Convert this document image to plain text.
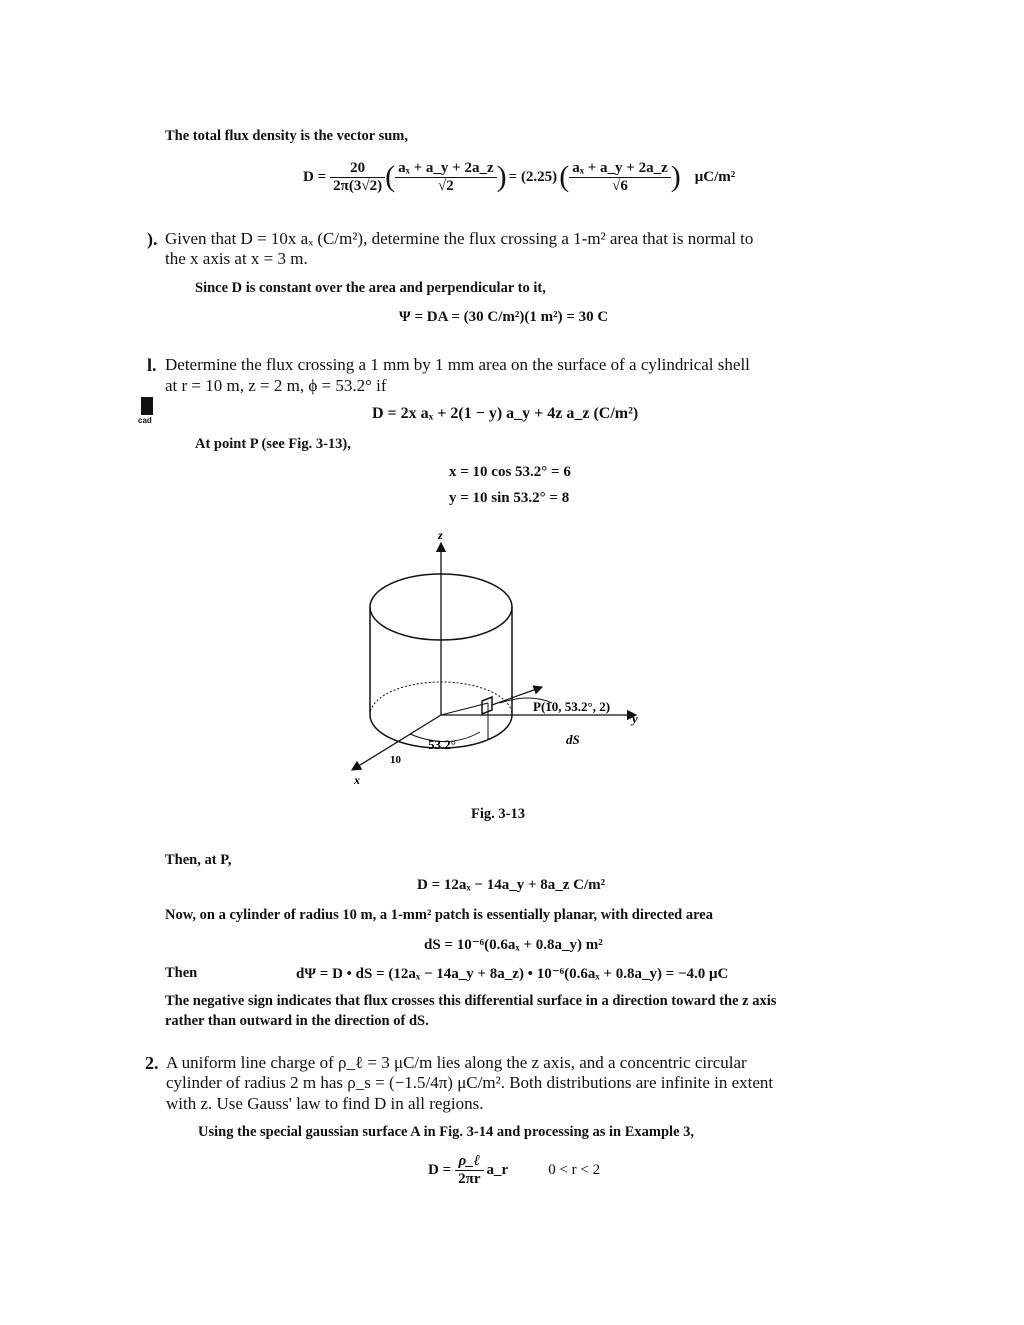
The total flux density is the vector sum,
$D = \frac{20}{2\pi(3√2)}$ ( $\frac{\text{aₓ + a\_y + 2a\_z}}{√2}$ ) = (2.25) ( $\frac{\text{aₓ + a\_y + 2a\_z}}{√6}$ ) μC/m²
). Given that D = 10x aₓ (C/m²), determine the flux crossing a 1-m² area that is normal to
the x axis at x = 3 m.
Since D is constant over the area and perpendicular to it,
Ψ = DA = (30 C/m²)(1 m²) = 30 C
l. Determine the flux crossing a 1 mm by 1 mm area on the surface of a cylindrical shell
at r = 10 m, z = 2 m, ϕ = 53.2° if
cad	D = 2x aₓ + 2(1 − y) a_y + 4z a_z (C/m²)
At point P (see Fig. 3-13),
x = 10 cos 53.2° = 6
y = 10 sin 53.2° = 8
z
y
x
P(10, 53.2°, 2)
53.2°
10
dS
Fig. 3-13
Then, at P,
D = 12aₓ − 14a_y + 8a_z C/m²
Now, on a cylinder of radius 10 m, a 1-mm² patch is essentially planar, with directed area
dS = 10⁻⁶(0.6aₓ + 0.8a_y) m²
Then	dΨ = D • dS = (12aₓ − 14a_y + 8a_z) • 10⁻⁶(0.6aₓ + 0.8a_y) = −4.0 μC
The negative sign indicates that flux crosses this differential surface in a direction toward the z axis
rather than outward in the direction of dS.
2. A uniform line charge of ρ_ℓ = 3 μC/m lies along the z axis, and a concentric circular
cylinder of radius 2 m has ρ_s = (−1.5/4π) μC/m². Both distributions are infinite in extent
with z. Use Gauss' law to find D in all regions.
Using the special gaussian surface A in Fig. 3-14 and processing as in Example 3,
$D = \frac{\text{ρ\_ℓ}}{2\pi r}$ a_r	0 < r < 2
